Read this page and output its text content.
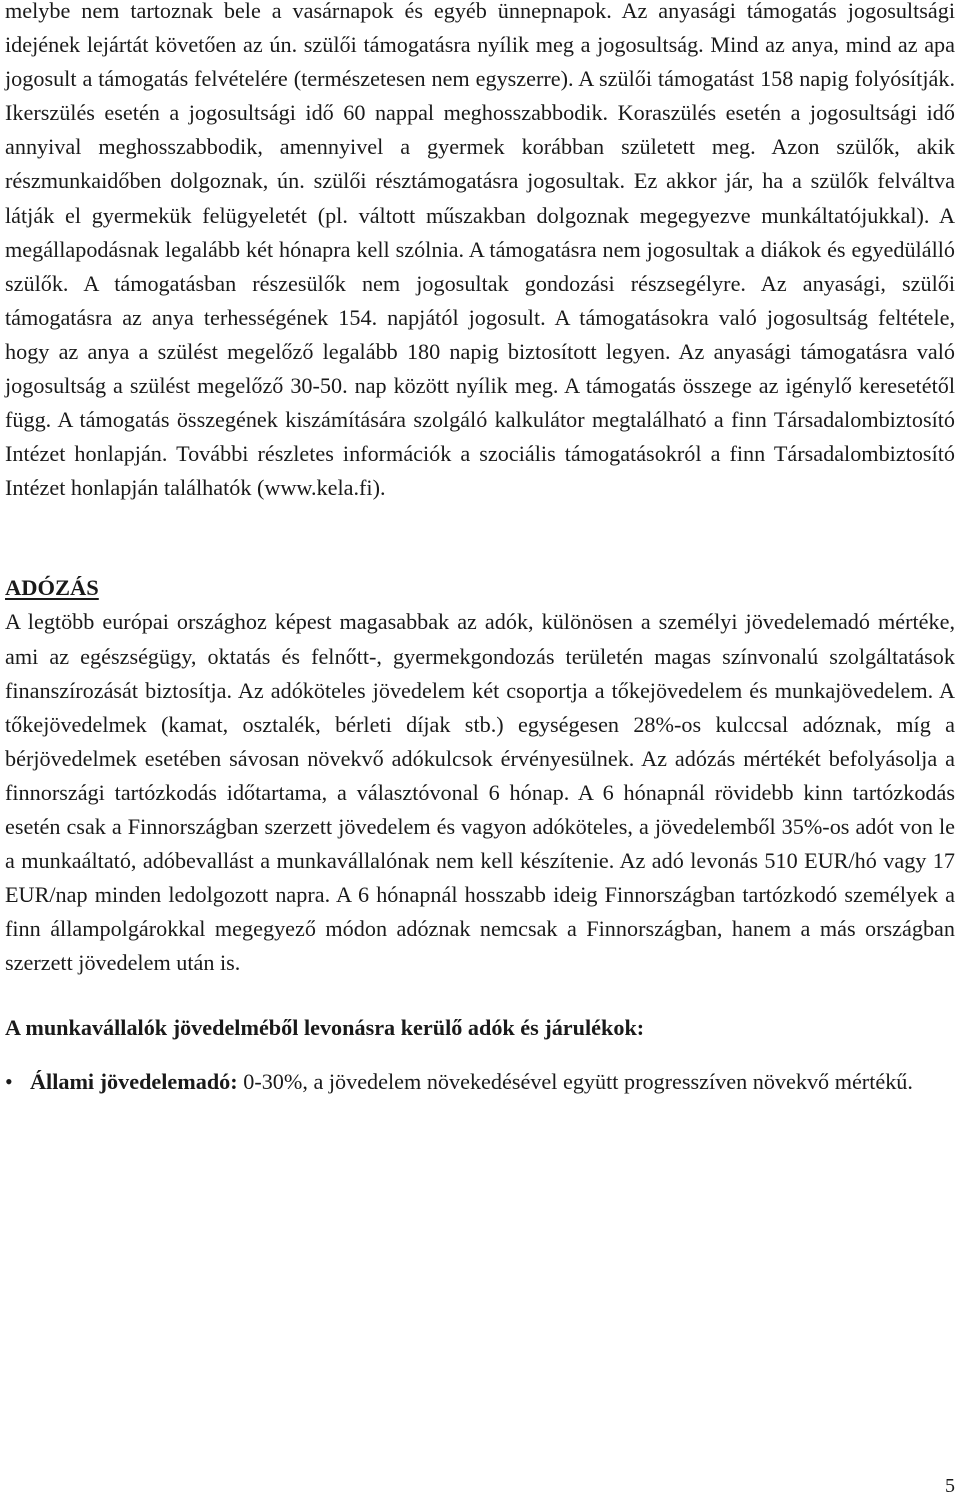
melybe nem tartoznak bele a vasárnapok és egyéb ünnepnapok. Az anyasági támogatás jogosultsági idejének lejártát követően az ún. szülői támogatásra nyílik meg a jogosultság. Mind az anya, mind az apa jogosult a támogatás felvételére (természetesen nem egyszerre). A szülői támogatást 158 napig folyósítják. Ikerszülés esetén a jogosultsági idő 60 nappal meghosszabbodik. Koraszülés esetén a jogosultsági idő annyival meghosszabbodik, amennyivel a gyermek korábban született meg. Azon szülők, akik részmunkaidőben dolgoznak, ún. szülői résztámogatásra jogosultak. Ez akkor jár, ha a szülők felváltva látják el gyermekük felügyeletét (pl. váltott műszakban dolgoznak megegyezve munkáltatójukkal). A megállapodásnak legalább két hónapra kell szólnia. A támogatásra nem jogosultak a diákok és egyedülálló szülők. A támogatásban részesülők nem jogosultak gondozási részsegélyre. Az anyasági, szülői támogatásra az anya terhességének 154. napjától jogosult. A támogatásokra való jogosultság feltétele, hogy az anya a szülést megelőző legalább 180 napig biztosított legyen. Az anyasági támogatásra való jogosultság a szülést megelőző 30-50. nap között nyílik meg. A támogatás összege az igénylő keresetétől függ. A támogatás összegének kiszámítására szolgáló kalkulátor megtalálható a finn Társadalombiztosító Intézet honlapján. További részletes információk a szociális támogatásokról a finn Társadalombiztosító Intézet honlapján találhatók (www.kela.fi).

ADÓZÁS

A legtöbb európai országhoz képest magasabbak az adók, különösen a személyi jövedelemadó mértéke, ami az egészségügy, oktatás és felnőtt-, gyermekgondozás területén magas színvonalú szolgáltatások finanszírozását biztosítja. Az adóköteles jövedelem két csoportja a tőkejövedelem és munkajövedelem. A tőkejövedelmek (kamat, osztalék, bérleti díjak stb.) egységesen 28%-os kulccsal adóznak, míg a bérjövedelmek esetében sávosan növekvő adókulcsok érvényesülnek. Az adózás mértékét befolyásolja a finnországi tartózkodás időtartama, a választóvonal 6 hónap. A 6 hónapnál rövidebb kinn tartózkodás esetén csak a Finnországban szerzett jövedelem és vagyon adóköteles, a jövedelemből 35%-os adót von le a munkaáltató, adóbevallást a munkavállalónak nem kell készítenie. Az adó levonás 510 EUR/hó vagy 17 EUR/nap minden ledolgozott napra. A 6 hónapnál hosszabb ideig Finnországban tartózkodó személyek a finn állampolgárokkal megegyező módon adóznak nemcsak a Finnországban, hanem a más országban szerzett jövedelem után is.

A munkavállalók jövedelméből levonásra kerülő adók és járulékok:
• Állami jövedelemadó: 0-30%, a jövedelem növekedésével együtt progresszíven növekvő mértékű.
5
